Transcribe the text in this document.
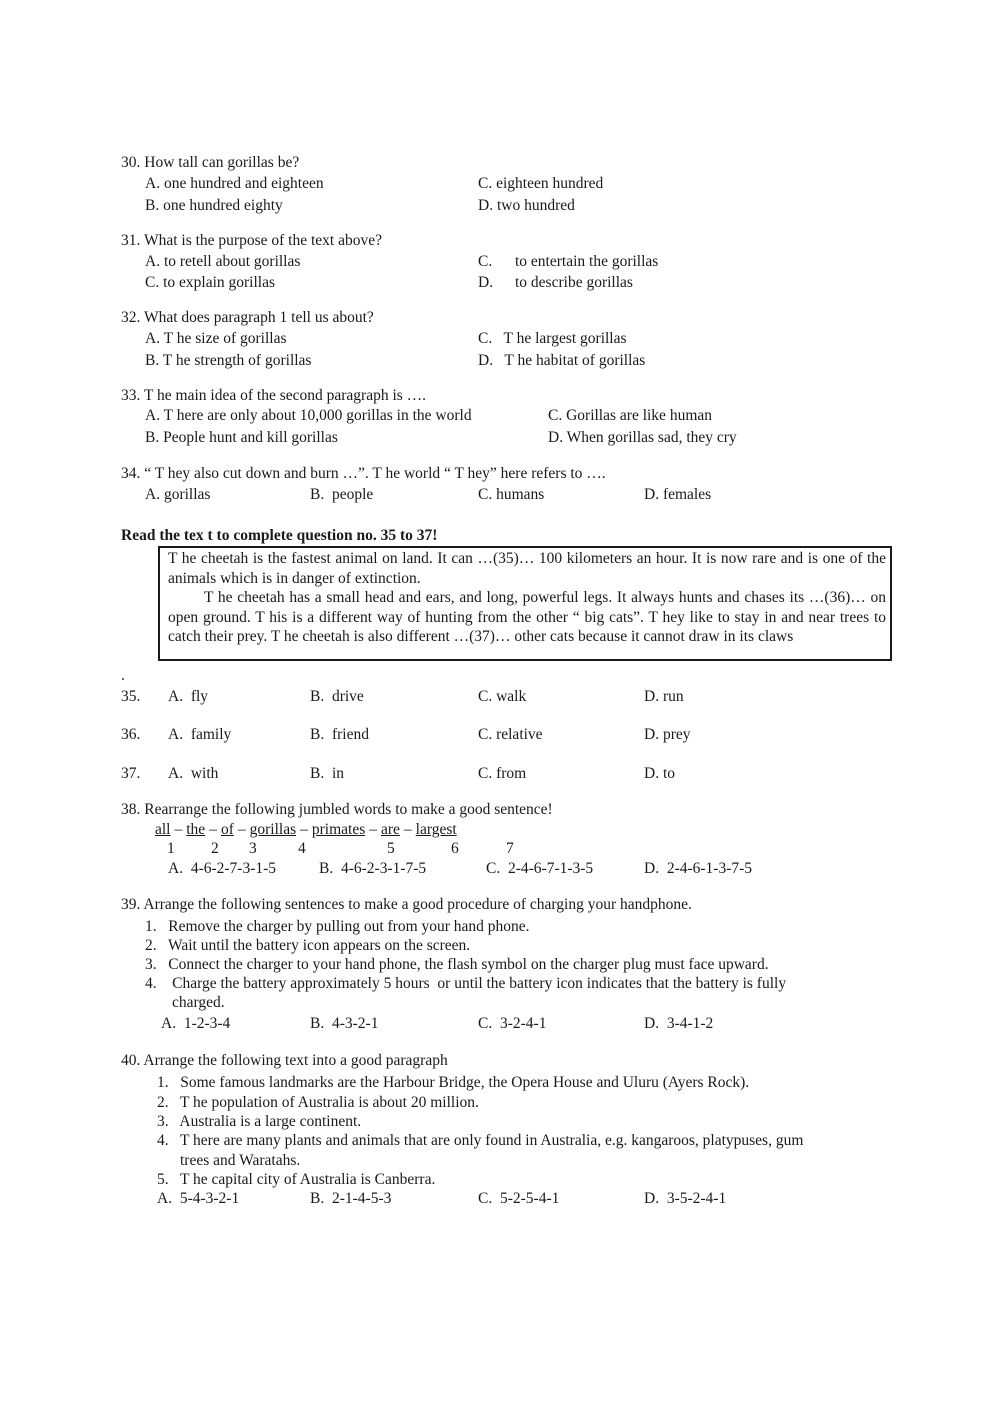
30. How tall can gorillas be?
A. one hundred and eighteen	C. eighteen hundred
B. one hundred eighty	D. two hundred
31. What is the purpose of the text above?
A. to retell about gorillas	C. to entertain the gorillas
C. to explain gorillas	D. to describe gorillas
32. What does paragraph 1 tell us about?
A. T he size of gorillas	C.   T he largest gorillas
B. T he strength of gorillas	D.   T he habitat of gorillas
33. T he main idea of the second paragraph is ….
A. T here are only about 10,000 gorillas in the world	C. Gorillas are like human
B. People hunt and kill gorillas	D. When gorillas sad, they cry
34. “ T hey also cut down and burn …”. T he world “ T hey” here refers to ….
A. gorillas	B.  people	C. humans	D. females
Read the tex t to complete question no. 35 to 37!

T he cheetah is the fastest animal on land. It can …(35)… 100 kilometers an hour. It is now rare and is one of the animals which is in danger of extinction.

T he cheetah has a small head and ears, and long, powerful legs. It always hunts and chases its …(36)… on open ground. T his is a different way of hunting from the other “ big cats”. T hey like to stay in and near trees to catch their prey. T he cheetah is also different …(37)… other cats because it cannot draw in its claws

.
35. A.  fly	B.  drive	C. walk	D. run
36. A.  family	B.  friend	C. relative	D. prey
37. A.  with	B.  in	C. from	D. to
38. Rearrange the following jumbled words to make a good sentence!
all – the – of – gorillas – primates – are – largest
1 2 3	4	5	6	7
A.  4-6-2-7-3-1-5	B.  4-6-2-3-1-7-5	C.  2-4-6-7-1-3-5	D.  2-4-6-1-3-7-5
39. Arrange the following sentences to make a good procedure of charging your handphone.
1.   Remove the charger by pulling out from your hand phone.
2.   Wait until the battery icon appears on the screen.
3.   Connect the charger to your hand phone, the flash symbol on the charger plug must face upward.
4.    Charge the battery approximately 5 hours  or until the battery icon indicates that the battery is fully
charged.
A.  1-2-3-4	B.  4-3-2-1	C.  3-2-4-1	D.  3-4-1-2
40. Arrange the following text into a good paragraph
1.   Some famous landmarks are the Harbour Bridge, the Opera House and Uluru (Ayers Rock).
2.   T he population of Australia is about 20 million.
3.   Australia is a large continent.
4.   T here are many plants and animals that are only found in Australia, e.g. kangaroos, platypuses, gum
trees and Waratahs.
5.   T he capital city of Australia is Canberra.
A.  5-4-3-2-1	B.  2-1-4-5-3	C.  5-2-5-4-1	D.  3-5-2-4-1
